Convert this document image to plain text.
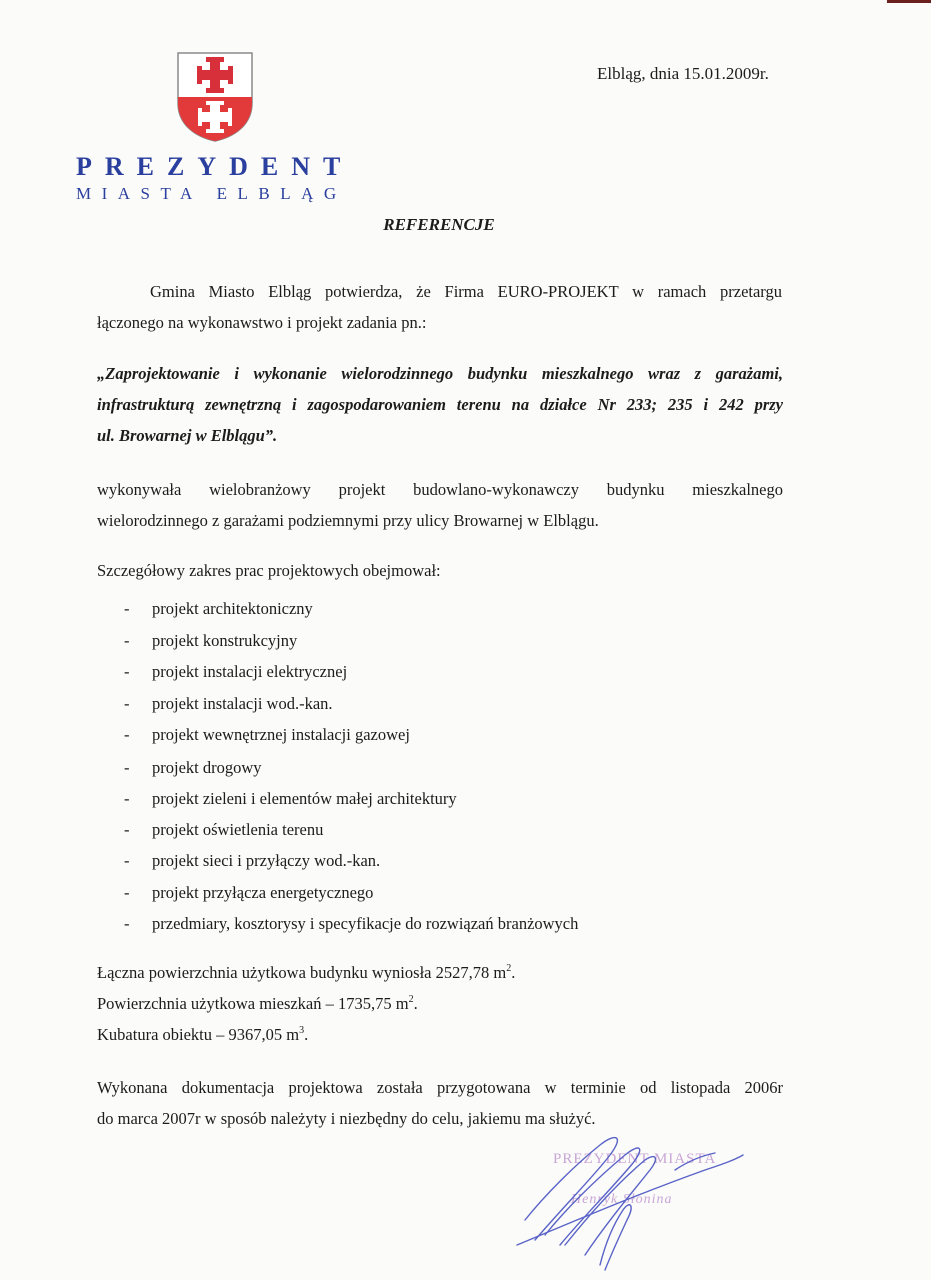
PREZYDENT
MIASTA ELBLĄG
Elbląg, dnia 15.01.2009r.
REFERENCJE

Gmina Miasto Elbląg potwierdza, że Firma EURO-PROJEKT w ramach przetargu

łączonego na wykonawstwo i projekt zadania pn.:

„Zaprojektowanie i wykonanie wielorodzinnego budynku mieszkalnego wraz z garażami,

infrastrukturą zewnętrzną i zagospodarowaniem terenu na działce Nr 233; 235 i 242 przy

ul. Browarnej w Elblągu”.

wykonywała wielobranżowy projekt budowlano-wykonawczy budynku mieszkalnego

wielorodzinnego z garażami podziemnymi przy ulicy Browarnej w Elblągu.

Szczegółowy zakres prac projektowych obejmował:
- projekt architektoniczny
- projekt konstrukcyjny
- projekt instalacji elektrycznej
- projekt instalacji wod.-kan.
- projekt wewnętrznej instalacji gazowej
- projekt drogowy
- projekt zieleni i elementów małej architektury
- projekt oświetlenia terenu
- projekt sieci i przyłączy wod.-kan.
- projekt przyłącza energetycznego
- przedmiary, kosztorysy i specyfikacje do rozwiązań branżowych

Łączna powierzchnia użytkowa budynku wyniosła 2527,78 $m^2$.

Powierzchnia użytkowa mieszkań – 1735,75 $m^2$.

Kubatura obiektu – 9367,05 $m^3$.

Wykonana dokumentacja projektowa została przygotowana w terminie od listopada 2006r

do marca 2007r w sposób należyty i niezbędny do celu, jakiemu ma służyć.

PREZYDENT MIASTA
Henryk Słonina
